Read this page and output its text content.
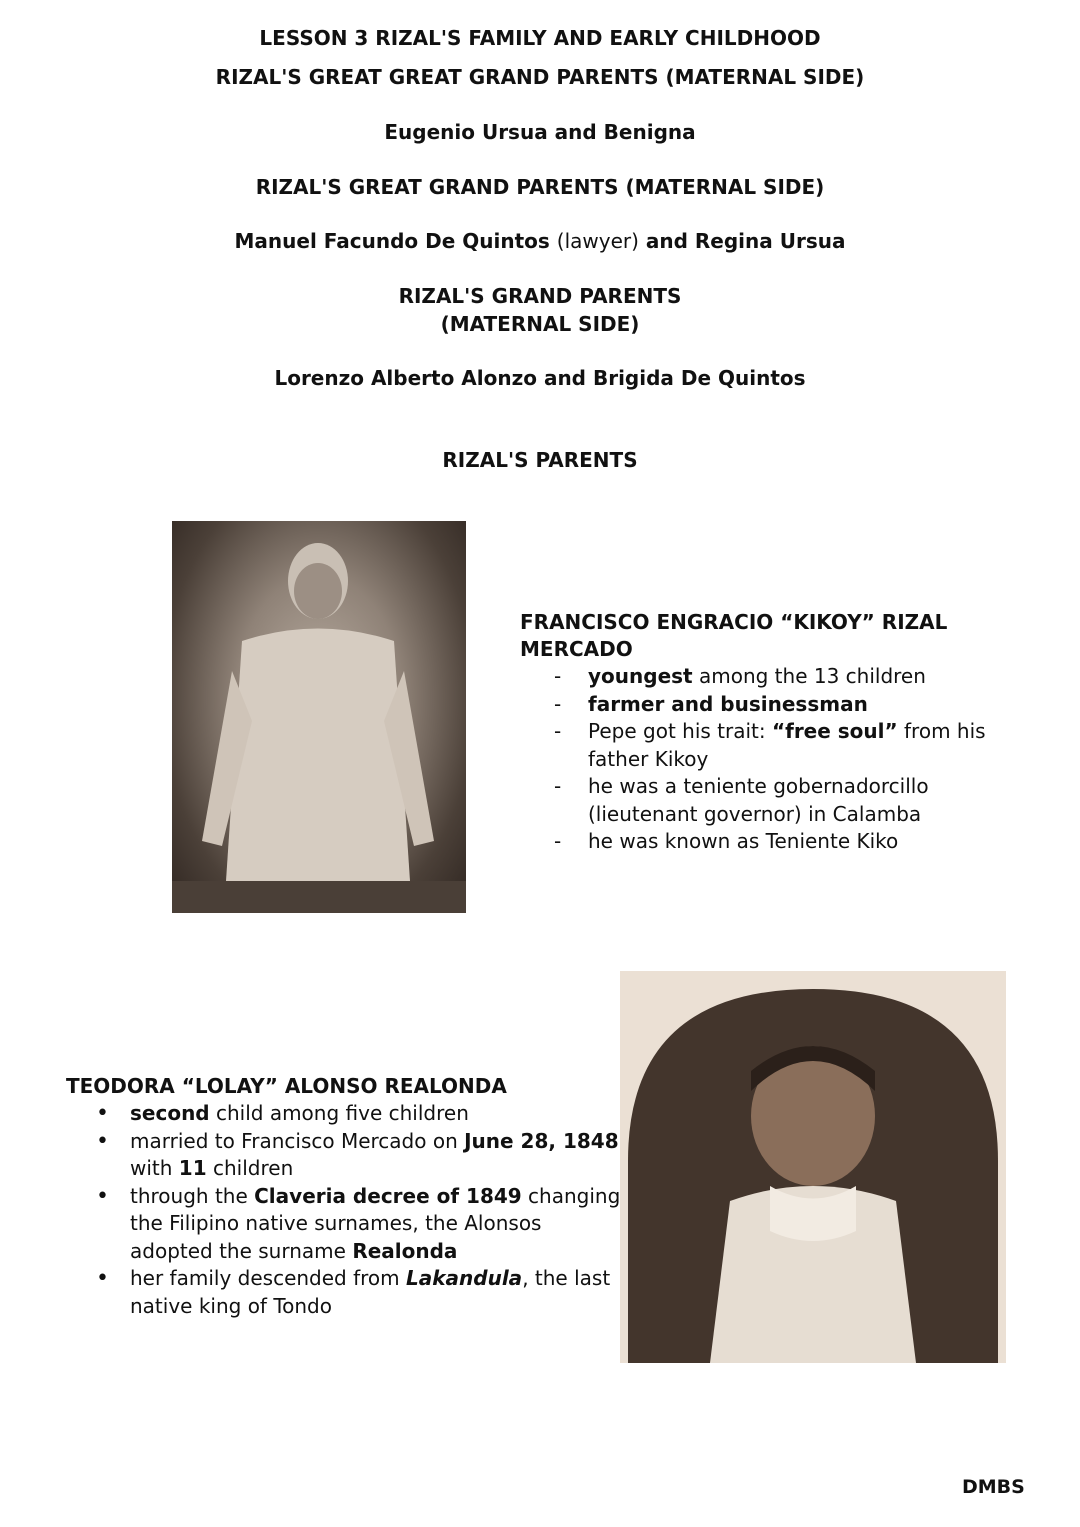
LESSON 3 RIZAL'S FAMILY AND EARLY CHILDHOOD
RIZAL'S GREAT GREAT GRAND PARENTS (MATERNAL SIDE)
Eugenio Ursua and Benigna
RIZAL'S GREAT GRAND PARENTS (MATERNAL SIDE)
Manuel Facundo De Quintos (lawyer) and Regina Ursua
RIZAL'S GRAND PARENTS
(MATERNAL SIDE)
Lorenzo Alberto Alonzo and Brigida De Quintos
RIZAL'S PARENTS
FRANCISCO ENGRACIO “KIKOY” RIZAL MERCADO
- youngest among the 13 children
- farmer and businessman
- Pepe got his trait: “free soul” from his father Kikoy
- he was a teniente gobernadorcillo (lieutenant governor) in Calamba
- he was known as Teniente Kiko
TEODORA “LOLAY” ALONSO REALONDA
• second child among five children
• married to Francisco Mercado on June 28, 1848 with 11 children
• through the Claveria decree of 1849 changing the Filipino native surnames, the Alonsos adopted the surname Realonda
• her family descended from Lakandula, the last native king of Tondo
DMBS
